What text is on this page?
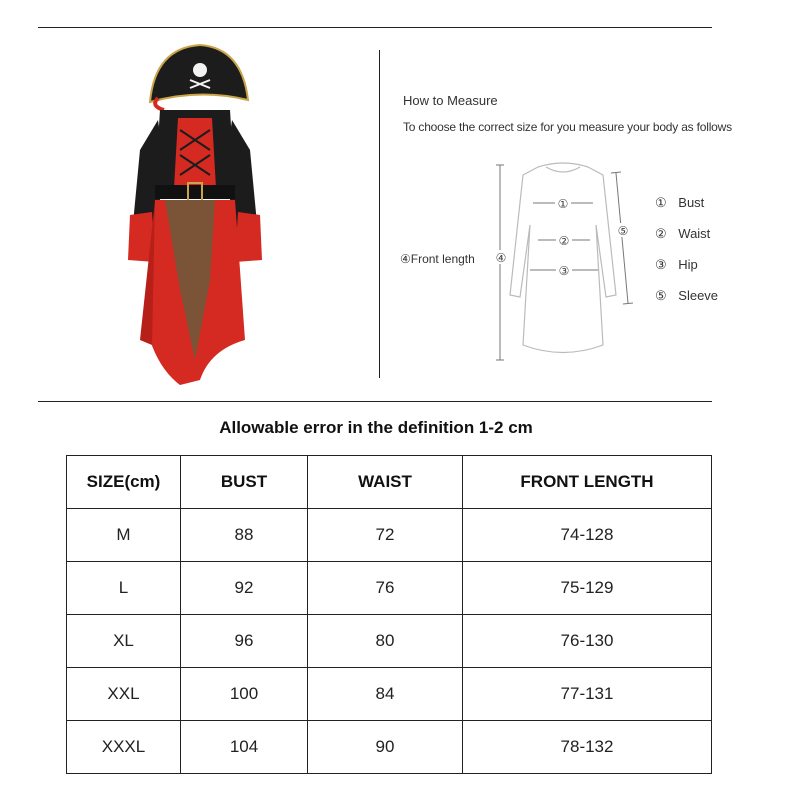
How to Measure
To choose the correct size for you measure your body as follows
①
②
③
④
⑤
④Front length
① Bust
② Waist
③ Hip
⑤ Sleeve
Allowable error in the definition 1-2 cm
SIZE(cm)	BUST	WAIST	FRONT LENGTH
M	88	72	74-128
L	92	76	75-129
XL	96	80	76-130
XXL	100	84	77-131
XXXL	104	90	78-132
